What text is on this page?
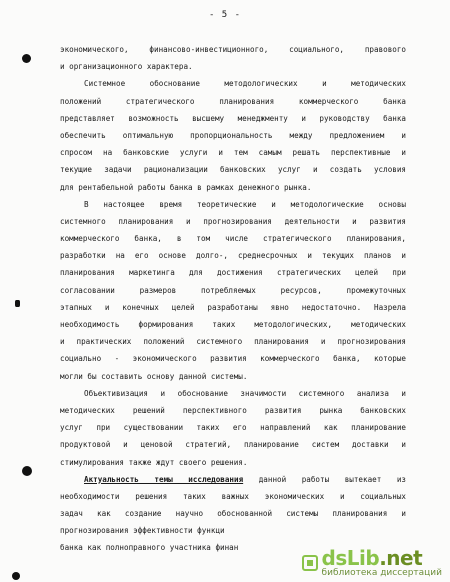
- 5 -
экономического, финансово-инвестиционного, социального, правового
и организационного характера.
Системное обоснование методологических и методических
положений стратегического планирования коммерческого банка
представляет возможность высшему менеджменту и руководству банка
обеспечить оптимальную пропорциональность между предложением и
спросом на банковские услуги и тем самым решать перспективные и
текущие задачи рационализации банковских услуг и создать условия
для рентабельной работы банка в рамках денежного рынка.
В настоящее время теоретические и методологические основы
системного планирования и прогнозирования деятельности и развития
коммерческого банка, в том числе стратегического планирования,
разработки на его основе долго-, среднесрочных и текущих планов и
планирования маркетинга для достижения стратегических целей при
согласовании размеров потребляемых ресурсов, промежуточных
этапных и конечных целей разработаны явно недостаточно. Назрела
необходимость формирования таких методологических, методических
и практических положений системного планирования и прогнозирования
социально - экономического развития коммерческого банка, которые
могли бы составить основу данной системы.
Объективизация и обоснование значимости системного анализа и
методических решений перспективного развития рынка банковских
услуг при существовании таких его направлений как планирование
продуктовой и ценовой стратегий, планирование систем доставки и
стимулирования также ждут своего решения.
Актуальность темы исследования данной работы вытекает из
необходимости решения таких важных экономических и социальных
задач как создание научно обоснованной системы планирования и
прогнозирования эффективности функци
банка как полноправного участника финан	dsLib.net
библиотека диссертаций
